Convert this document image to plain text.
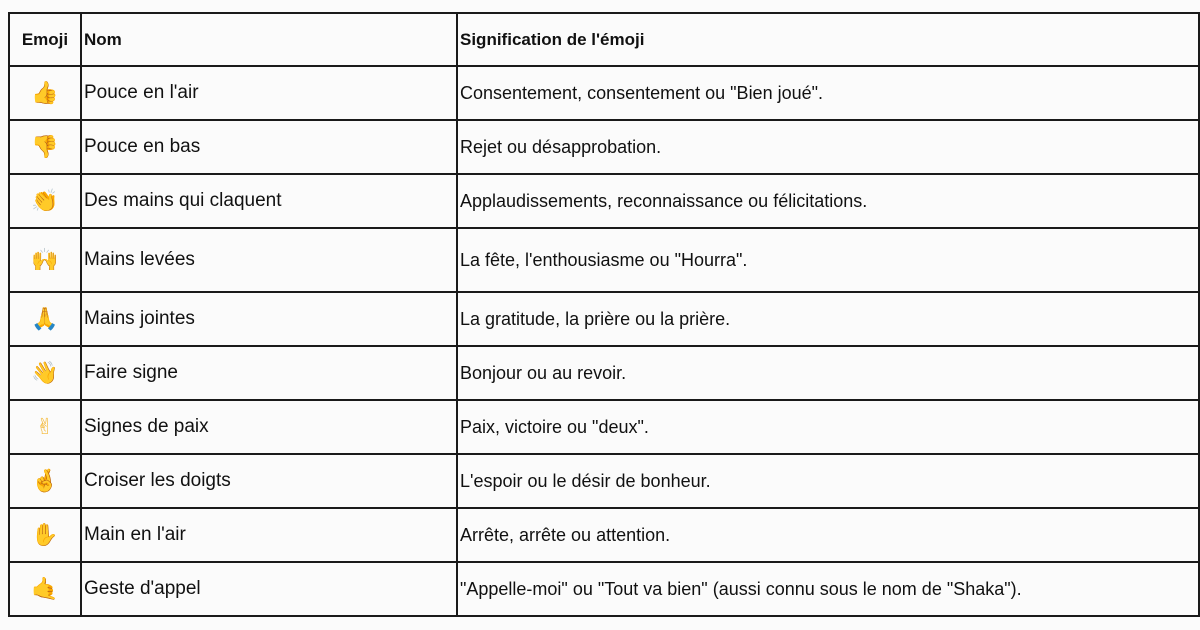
Emoji	Nom	Signification de l'émoji
👍	Pouce en l'air	Consentement, consentement ou "Bien joué".
👎	Pouce en bas	Rejet ou désapprobation.
👏	Des mains qui claquent	Applaudissements, reconnaissance ou félicitations.
🙌	Mains levées	La fête, l'enthousiasme ou "Hourra".
🙏	Mains jointes	La gratitude, la prière ou la prière.
👋	Faire signe	Bonjour ou au revoir.
✌	Signes de paix	Paix, victoire ou "deux".
🤞	Croiser les doigts	L'espoir ou le désir de bonheur.
✋	Main en l'air	Arrête, arrête ou attention.
🤙	Geste d'appel	"Appelle-moi" ou "Tout va bien" (aussi connu sous le nom de "Shaka").
